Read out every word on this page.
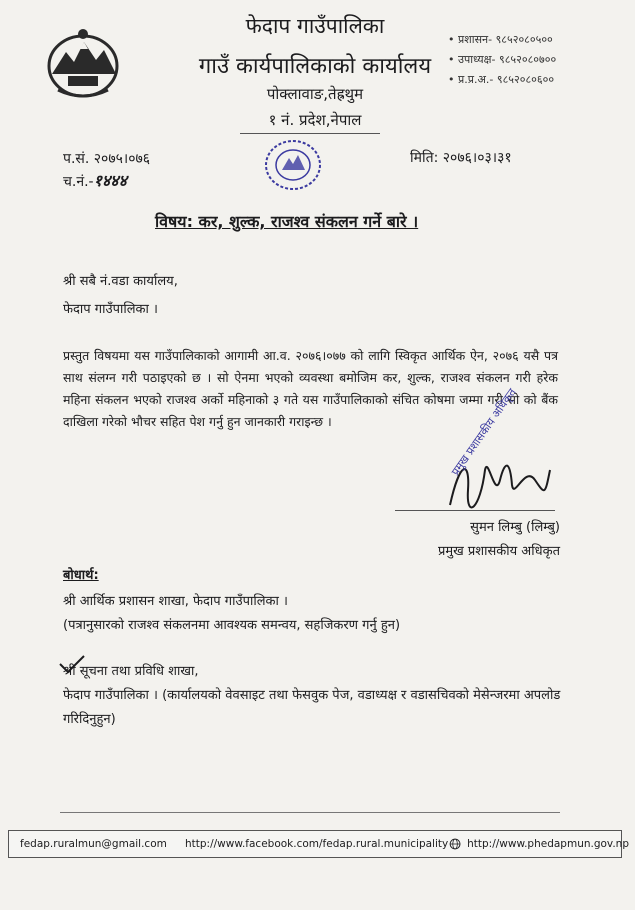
फेदाप गाउँपालिका
गाउँ कार्यपालिकाको कार्यालय
पोक्लावाङ,तेह्रथुम
१ नं. प्रदेश,नेपाल
• प्रशासन- ९८५२०८०५००
• उपाध्यक्ष- ९८५२०८०७००
• प्र.प्र.अ.- ९८५२०८०६००
प.सं. २०७५।०७६
च.नं.-१४४४
मिति: २०७६।०३।३१
विषय: कर, शुल्क, राजश्व संकलन गर्ने बारे ।
श्री सबै नं.वडा कार्यालय,
फेदाप गाउँपालिका ।
प्रस्तुत विषयमा यस गाउँपालिकाको आगामी आ.व. २०७६।०७७ को लागि स्विकृत आर्थिक ऐन, २०७६ यसै पत्र साथ संलग्न गरी पठाइएको छ । सो ऐनमा भएको व्यवस्था बमोजिम कर, शुल्क, राजश्व संकलन गरी हरेक महिना संकलन भएको राजश्व अर्को महिनाको ३ गते यस गाउँपालिकाको संचित कोषमा जम्मा गरी सो को बैंक दाखिला गरेको भौचर सहित पेश गर्नु हुन जानकारी गराइन्छ ।	प्रमुख प्रशासकीय अधिकृत
सुमन लिम्बु (लिम्बु)
प्रमुख प्रशासकीय अधिकृत
बोधार्थ:
श्री आर्थिक प्रशासन शाखा, फेदाप गाउँपालिका ।
(पत्रानुसारको राजश्व संकलनमा आवश्यक समन्वय, सहजिकरण गर्नु हुन)
श्री सूचना तथा प्रविधि शाखा,
फेदाप गाउँपालिका । (कार्यालयको वेवसाइट तथा फेसवुक पेज, वडाध्यक्ष र वडासचिवको मेसेन्जरमा अपलोड गरिदिनुहुन)
fedap.ruralmun@gmail.com http://www.facebook.com/fedap.rural.municipality http://www.phedapmun.gov.np
